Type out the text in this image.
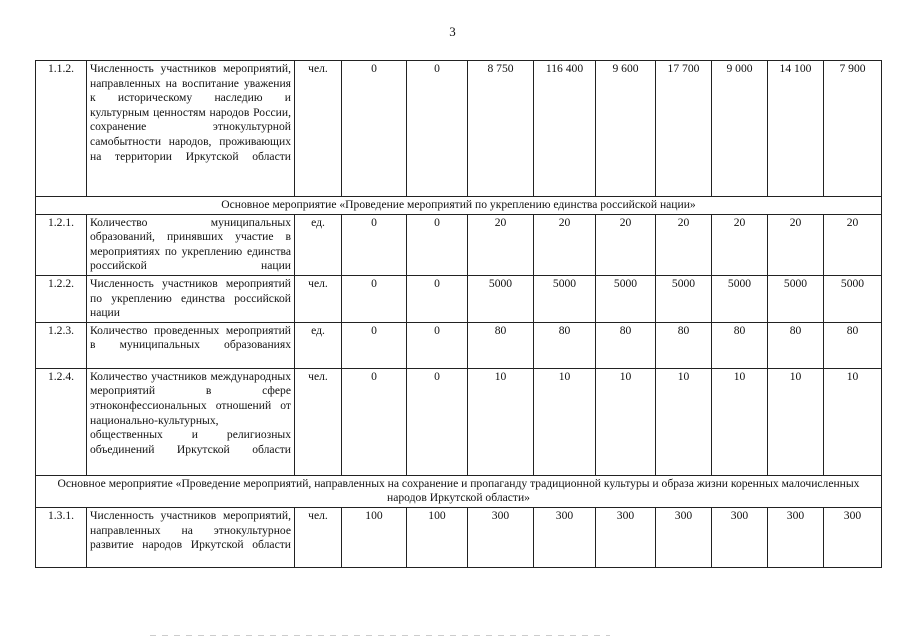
3
1.1.2.	Численность участников мероприятий, направленных на воспитание уважения к историческому наследию и культурным ценностям народов России, сохранение этнокультурной самобытности народов, проживающих на территории Иркутской области	чел.	0	0	8 750	116 400	9 600	17 700	9 000	14 100	7 900
Основное мероприятие «Проведение мероприятий по укреплению единства российской нации»											
1.2.1.	Количество муниципальных образований, принявших участие в мероприятиях по укреплению единства российской нации	ед.	0	0	20	20	20	20	20	20	20
1.2.2.	Численность участников мероприятий по укреплению единства российской нации	чел.	0	0	5000	5000	5000	5000	5000	5000	5000
1.2.3.	Количество проведенных мероприятий в муниципальных образованиях	ед.	0	0	80	80	80	80	80	80	80
1.2.4.	Количество участников международных мероприятий в сфере этноконфессиональных отношений от национально-культурных, общественных и религиозных объединений Иркутской области	чел.	0	0	10	10	10	10	10	10	10
Основное мероприятие «Проведение мероприятий, направленных на сохранение и пропаганду традиционной культуры и образа жизни коренных малочисленных народов Иркутской области»											
1.3.1.	Численность участников мероприятий, направленных на этнокультурное развитие народов Иркутской области	чел.	100	100	300	300	300	300	300	300	300
